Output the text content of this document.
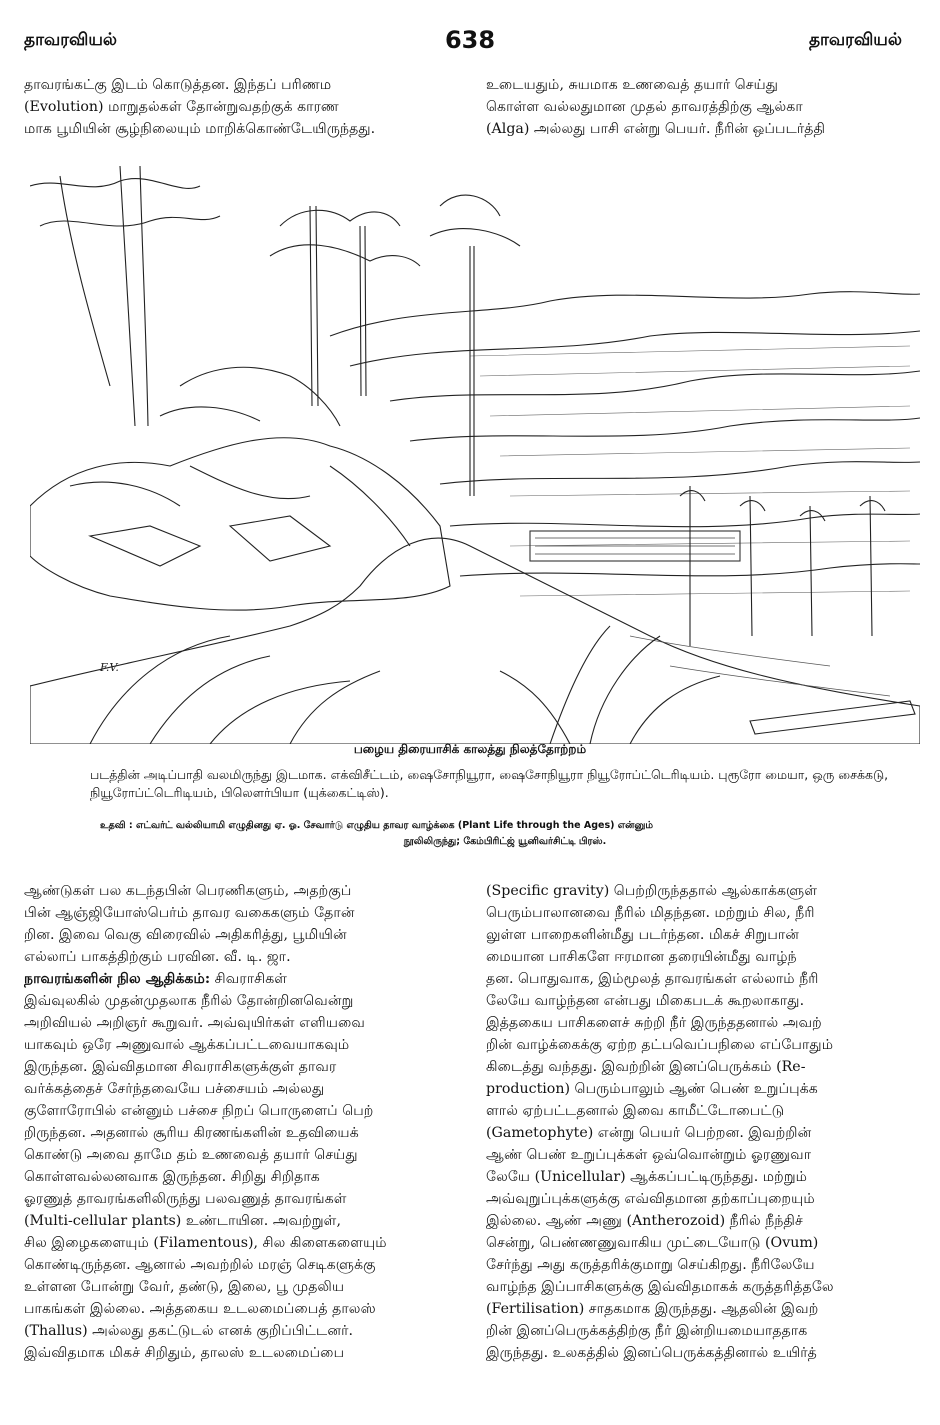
தாவரவியல்	638	தாவரவியல்
தாவரங்கட்கு இடம் கொடுத்தன. இந்தப் பரிணம
(Evolution) மாறுதல்கள் தோன்றுவதற்குக் காரண
மாக பூமியின் சூழ்நிலையும் மாறிக்கொண்டேயிருந்தது.
உடையதும், சுயமாக உணவைத் தயார் செய்து
கொள்ள வல்லதுமான முதல் தாவரத்திற்கு ஆல்கா
(Alga) அல்லது பாசி என்று பெயர். நீரின் ஒப்படர்த்தி
F.V.
பழைய திரையாசிக் காலத்து நிலத்தோற்றம்
படத்தின் அடிப்பாதி வலமிருந்து இடமாக. எக்விசீட்டம், ஷைசோநியூரா, ஷைசோநியூரா நியூரோப்ட்டெரிடியம். புரூரோ மையா, ஒரு சைக்கடு, நியூரோப்ட்டெரிடியம், பிலெளர்பியா (யுக்கைட்டிஸ்).
உதவி : எட்வர்ட் வல்லியாமி எழுதினது ஏ. ஓ. சேவார்டு எழுதிய தாவர வாழ்க்கை (Plant Life through the Ages) என்னும்
நூலிலிருந்து; கேம்பிரிட்ஜ் யூனிவர்சிட்டி பிரஸ்.
ஆண்டுகள் பல கடந்தபின் பெரணிகளும், அதற்குப்
பின் ஆஞ்ஜியோஸ்பெர்ம் தாவர வகைகளும் தோன்
றின. இவை வெகு விரைவில் அதிகரித்து, பூமியின்
எல்லாப் பாகத்திற்கும் பரவின. வீ. டி. ஜா.
நாவரங்களின் நில ஆதிக்கம்: சிவராசிகள்
இவ்வுலகில் முதன்முதலாக நீரில் தோன்றினவென்று
அறிவியல் அறிஞர் கூறுவர். அவ்வுயிர்கள் எளியவை
யாகவும் ஒரே அணுவால் ஆக்கப்பட்டவையாகவும்
இருந்தன. இவ்விதமான சிவராசிகளுக்குள் தாவர
வர்க்கத்தைச் சேர்ந்தவையே பச்சையம் அல்லது
குளோரோபில் என்னும் பச்சை நிறப் பொருளைப் பெற்
றிருந்தன. அதனால் சூரிய கிரணங்களின் உதவியைக்
கொண்டு அவை தாமே தம் உணவைத் தயார் செய்து
கொள்ளவல்லனவாக இருந்தன. சிறிது சிறிதாக
ஓரணுத் தாவரங்களிலிருந்து பலவணுத் தாவரங்கள்
(Multi-cellular plants) உண்டாயின. அவற்றுள்,
சில இழைகளையும் (Filamentous), சில கிளைகளையும்
கொண்டிருந்தன. ஆனால் அவற்றில் மரஞ் செடிகளுக்கு
உள்ளன போன்று வேர், தண்டு, இலை, பூ முதலிய
பாகங்கள் இல்லை. அத்தகைய உடலமைப்பைத் தாலஸ்
(Thallus) அல்லது தகட்டுடல் எனக் குறிப்பிட்டனர்.
இவ்விதமாக மிகச் சிறிதும், தாலஸ் உடலமைப்பை
(Specific gravity) பெற்றிருந்ததால் ஆல்காக்களுள்
பெரும்பாலானவை நீரில் மிதந்தன. மற்றும் சில, நீரி
லுள்ள பாறைகளின்மீது படர்ந்தன. மிகச் சிறுபான்
மையான பாசிகளே ஈரமான தரையின்மீது வாழ்ந்
தன. பொதுவாக, இம்மூலத் தாவரங்கள் எல்லாம் நீரி
லேயே வாழ்ந்தன என்பது மிகைபடக் கூறலாகாது.
இத்தகைய பாசிகளைச் சுற்றி நீர் இருந்ததனால் அவற்
றின் வாழ்க்கைக்கு ஏற்ற தட்பவெப்பநிலை எப்போதும்
கிடைத்து வந்தது. இவற்றின் இனப்பெருக்கம் (Re-
production) பெரும்பாலும் ஆண் பெண் உறுப்புக்க
ளால் ஏற்பட்டதனால் இவை காமீட்டோபைட்டு
(Gametophyte) என்று பெயர் பெற்றன. இவற்றின்
ஆண் பெண் உறுப்புக்கள் ஒவ்வொன்றும் ஓரணுவா
லேயே (Unicellular) ஆக்கப்பட்டிருந்தது. மற்றும்
அவ்வுறுப்புக்களுக்கு எவ்விதமான தற்காப்புறையும்
இல்லை. ஆண் அணு (Antherozoid) நீரில் நீந்திச்
சென்று, பெண்ணணுவாகிய முட்டையோடு (Ovum)
சேர்ந்து அது கருத்தரிக்குமாறு செய்கிறது. நீரிலேயே
வாழ்ந்த இப்பாசிகளுக்கு இவ்விதமாகக் கருத்தரித்தலே
(Fertilisation) சாதகமாக இருந்தது. ஆதலின் இவற்
றின் இனப்பெருக்கத்திற்கு நீர் இன்றியமையாததாக
இருந்தது. உலகத்தில் இனப்பெருக்கத்தினால் உயிர்த்
